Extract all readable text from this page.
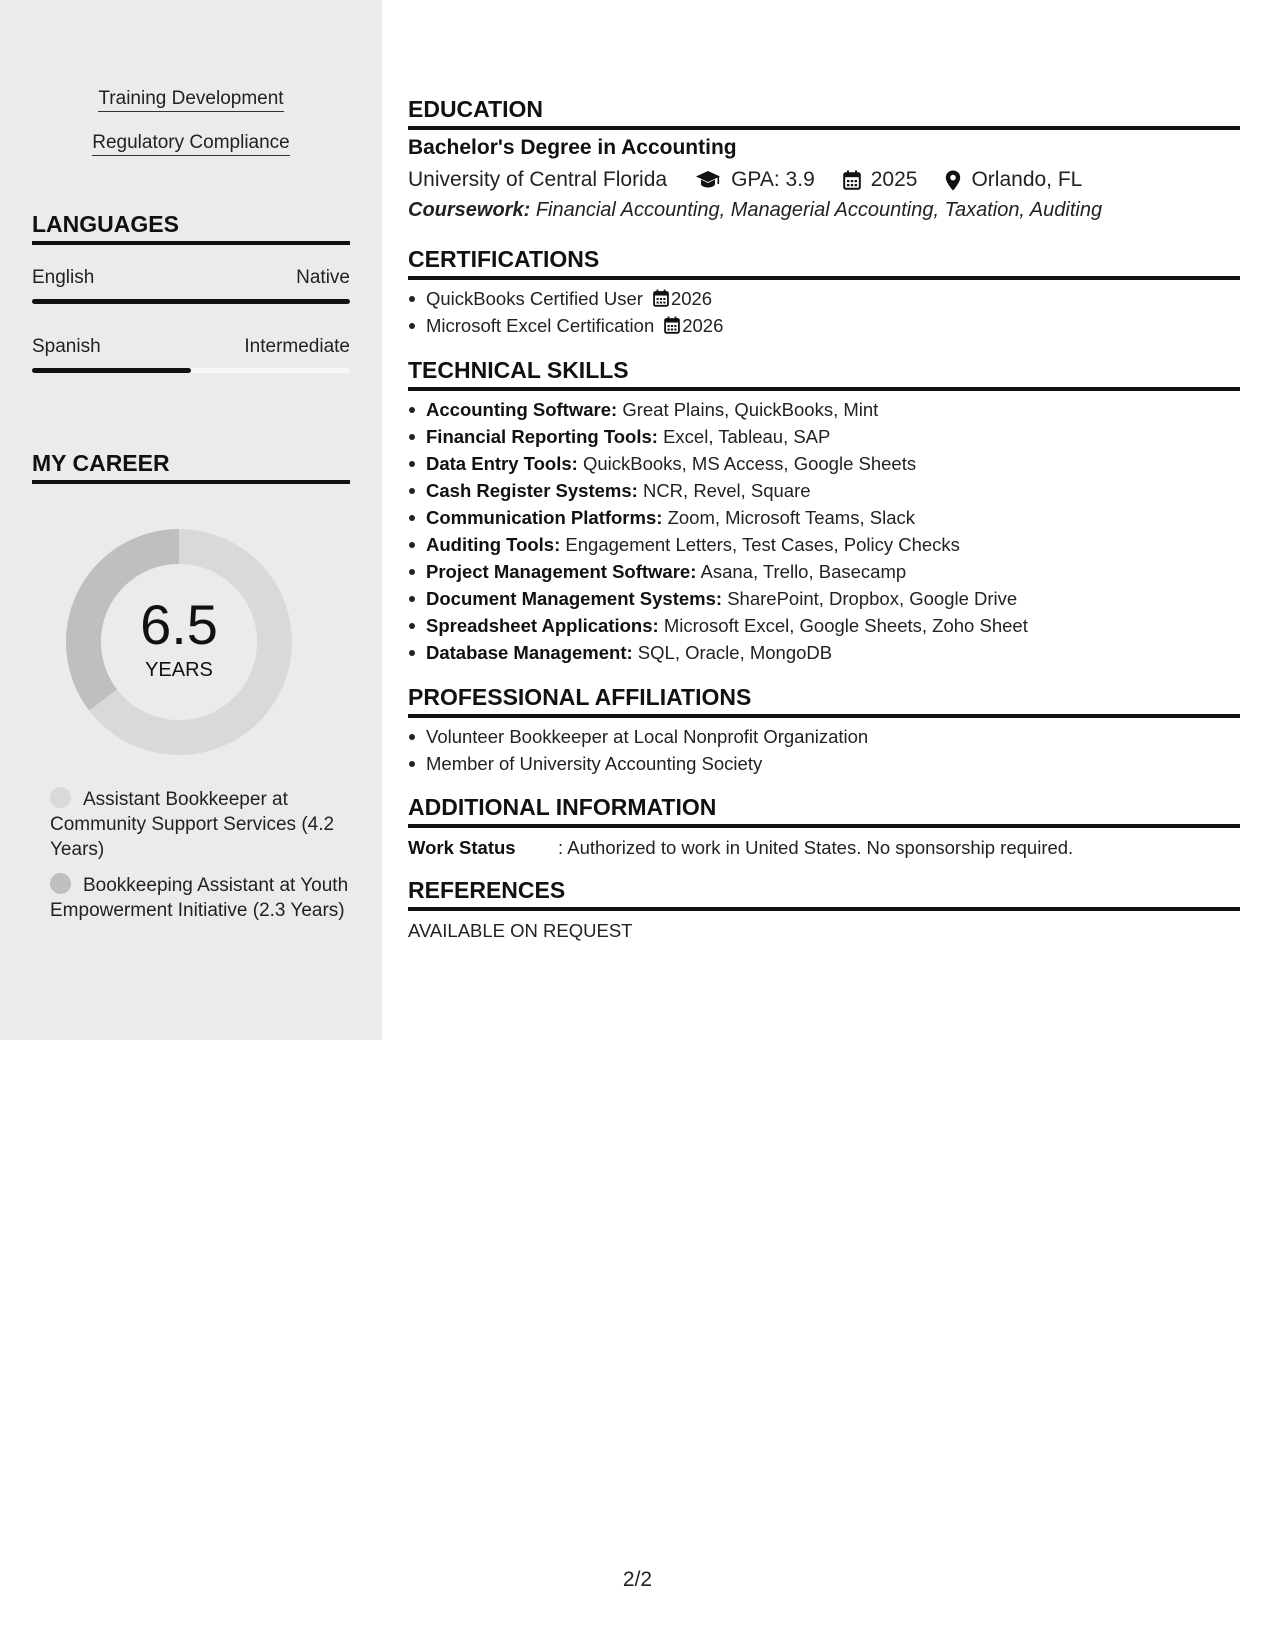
Training Development
Regulatory Compliance
LANGUAGES
English	Native
Spanish	Intermediate
MY CAREER
6.5
YEARS
Assistant Bookkeeper at Community Support Services (4.2 Years)
Bookkeeping Assistant at Youth Empowerment Initiative (2.3 Years)
EDUCATION
Bachelor's Degree in Accounting
University of Central Florida	GPA: 3.9	2025	Orlando, FL
Coursework: Financial Accounting, Managerial Accounting, Taxation, Auditing
CERTIFICATIONS
QuickBooks Certified User 2026
Microsoft Excel Certification 2026
TECHNICAL SKILLS
Accounting Software: Great Plains, QuickBooks, Mint
Financial Reporting Tools: Excel, Tableau, SAP
Data Entry Tools: QuickBooks, MS Access, Google Sheets
Cash Register Systems: NCR, Revel, Square
Communication Platforms: Zoom, Microsoft Teams, Slack
Auditing Tools: Engagement Letters, Test Cases, Policy Checks
Project Management Software: Asana, Trello, Basecamp
Document Management Systems: SharePoint, Dropbox, Google Drive
Spreadsheet Applications: Microsoft Excel, Google Sheets, Zoho Sheet
Database Management: SQL, Oracle, MongoDB
PROFESSIONAL AFFILIATIONS
Volunteer Bookkeeper at Local Nonprofit Organization
Member of University Accounting Society
ADDITIONAL INFORMATION
Work Status : Authorized to work in United States. No sponsorship required.
REFERENCES
AVAILABLE ON REQUEST
2/2
